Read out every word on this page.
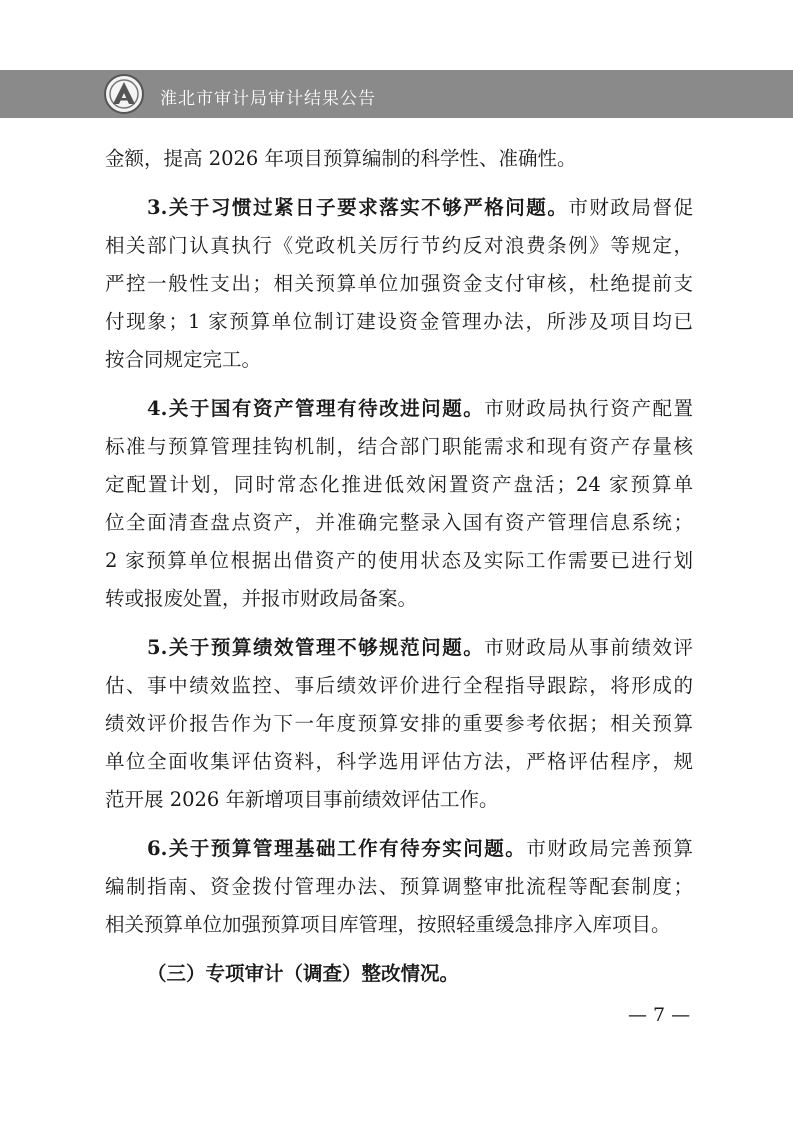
淮北市审计局审计结果公告
金额，提高 2026 年项目预算编制的科学性、准确性。
3.关于习惯过紧日子要求落实不够严格问题。市财政局督促
相关部门认真执行《党政机关厉行节约反对浪费条例》等规定，
严控一般性支出；相关预算单位加强资金支付审核，杜绝提前支
付现象；1 家预算单位制订建设资金管理办法，所涉及项目均已
按合同规定完工。
4.关于国有资产管理有待改进问题。市财政局执行资产配置
标准与预算管理挂钩机制，结合部门职能需求和现有资产存量核
定配置计划，同时常态化推进低效闲置资产盘活；24 家预算单
位全面清查盘点资产，并准确完整录入国有资产管理信息系统；
2 家预算单位根据出借资产的使用状态及实际工作需要已进行划
转或报废处置，并报市财政局备案。
5.关于预算绩效管理不够规范问题。市财政局从事前绩效评
估、事中绩效监控、事后绩效评价进行全程指导跟踪，将形成的
绩效评价报告作为下一年度预算安排的重要参考依据；相关预算
单位全面收集评估资料，科学选用评估方法，严格评估程序，规
范开展 2026 年新增项目事前绩效评估工作。
6.关于预算管理基础工作有待夯实问题。市财政局完善预算
编制指南、资金拨付管理办法、预算调整审批流程等配套制度；
相关预算单位加强预算项目库管理，按照轻重缓急排序入库项目。
（三）专项审计（调查）整改情况。
— 7 —
